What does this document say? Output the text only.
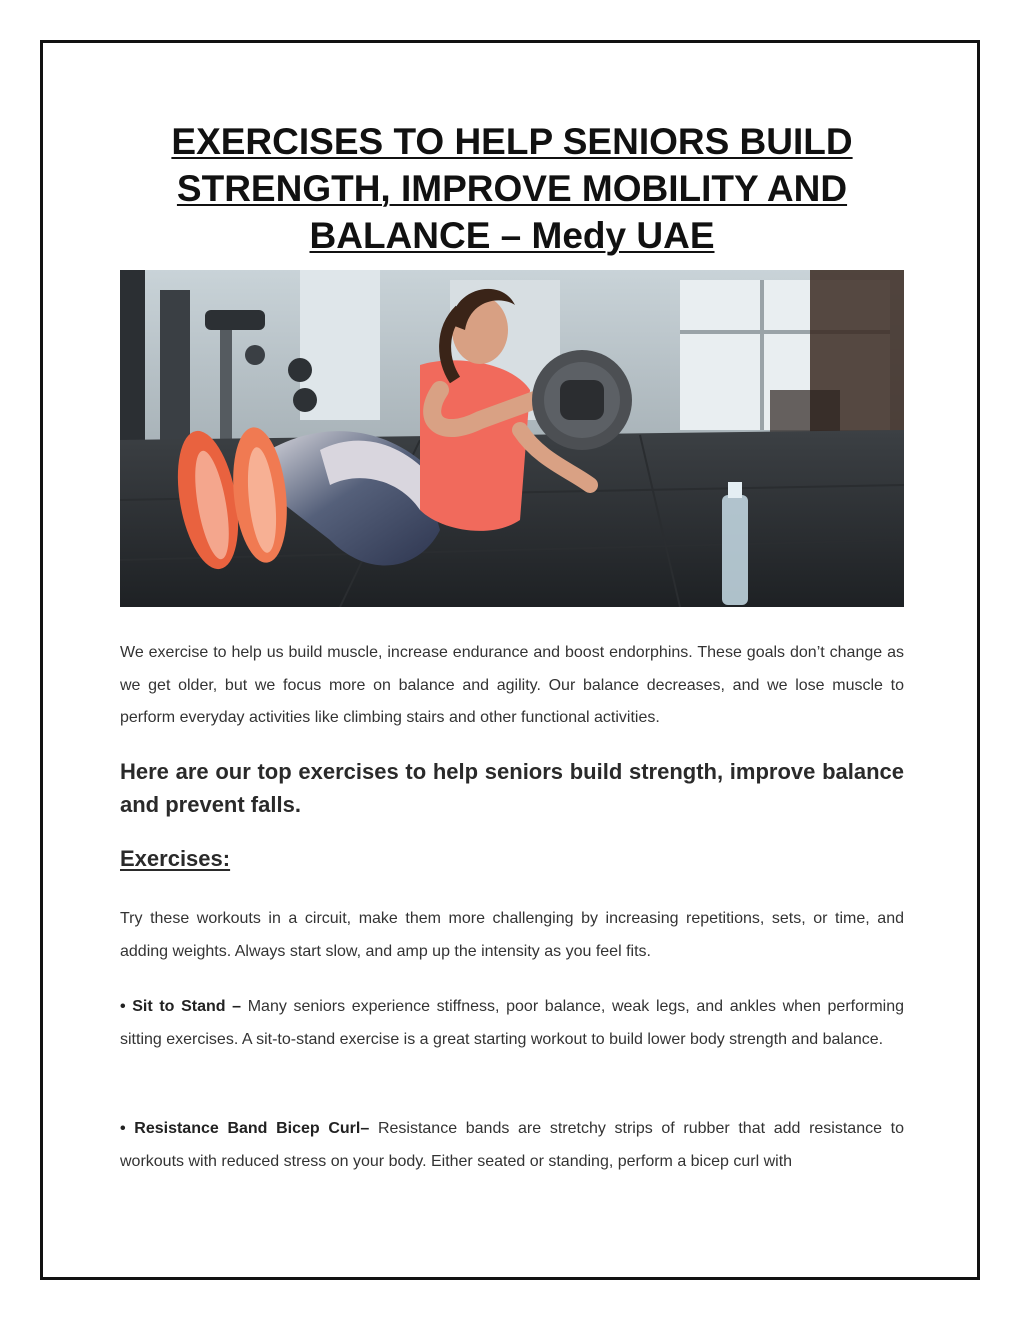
EXERCISES TO HELP SENIORS BUILD STRENGTH, IMPROVE MOBILITY AND BALANCE – Medy UAE

We exercise to help us build muscle, increase endurance and boost endorphins. These goals don’t change as we get older, but we focus more on balance and agility. Our balance decreases, and we lose muscle to perform everyday activities like climbing stairs and other functional activities.

Here are our top exercises to help seniors build strength, improve balance and prevent falls.

Exercises:

Try these workouts in a circuit, make them more challenging by increasing repetitions, sets, or time, and adding weights. Always start slow, and amp up the intensity as you feel fits.

• Sit to Stand – Many seniors experience stiffness, poor balance, weak legs, and ankles when performing sitting exercises. A sit-to-stand exercise is a great starting workout to build lower body strength and balance.

• Resistance Band Bicep Curl– Resistance bands are stretchy strips of rubber that add resistance to workouts with reduced stress on your body. Either seated or standing, perform a bicep curl with
